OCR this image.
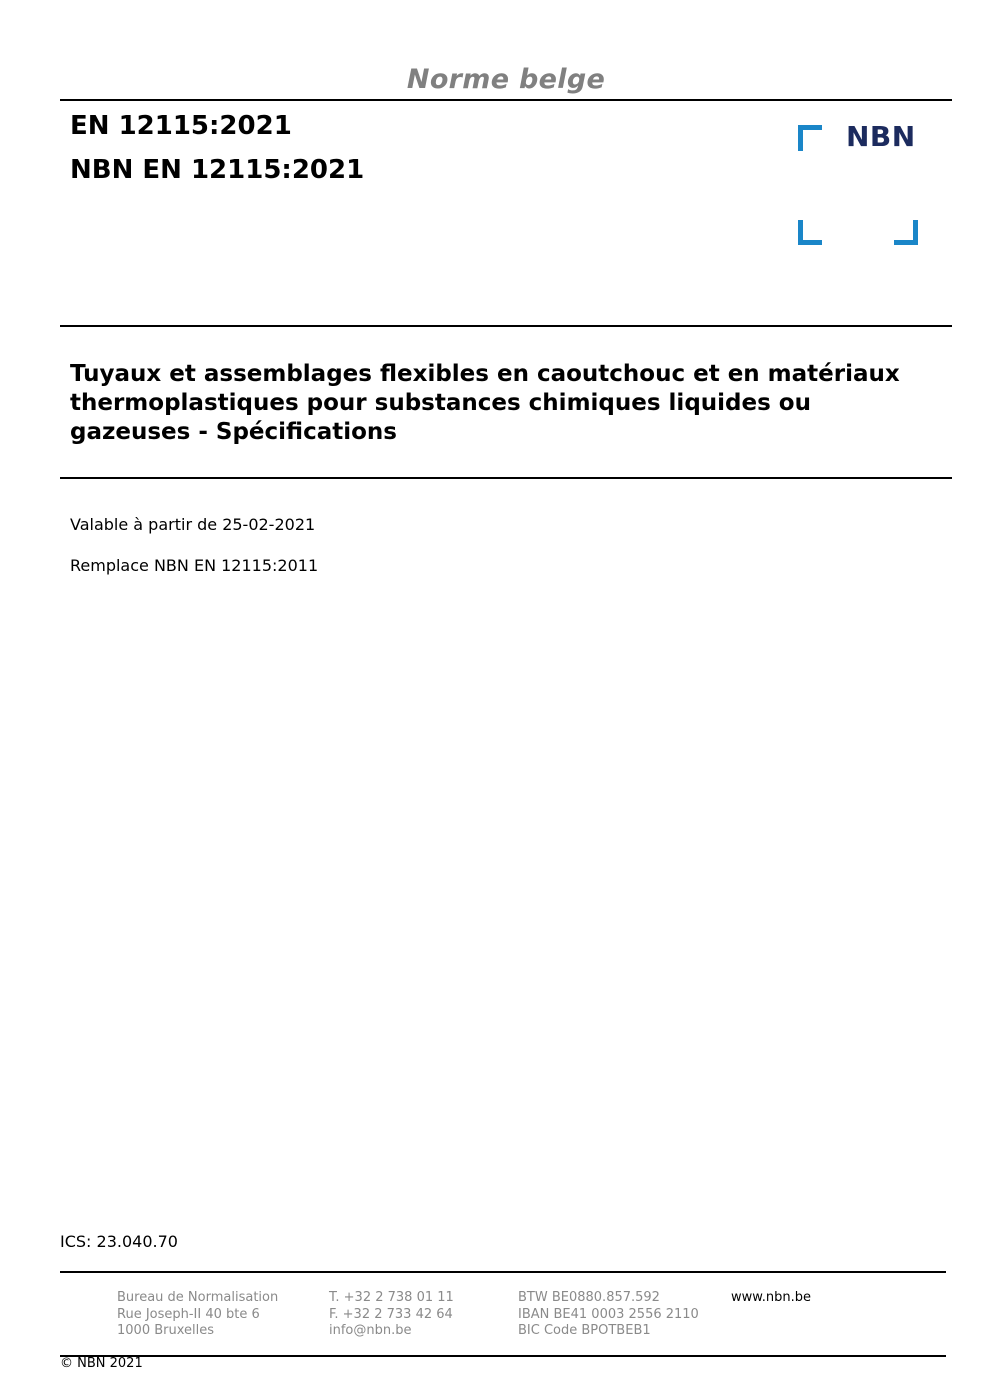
Norme belge
EN 12115:2021
NBN EN 12115:2021
NBN
Tuyaux et assemblages flexibles en caoutchouc et en matériaux
thermoplastiques pour substances chimiques liquides ou
gazeuses - Spécifications
Valable à partir de 25-02-2021
Remplace NBN EN 12115:2011
ICS: 23.040.70
Bureau de Normalisation
Rue Joseph-II 40 bte 6
1000 Bruxelles
T. +32 2 738 01 11
F. +32 2 733 42 64
info@nbn.be
BTW BE0880.857.592
IBAN BE41 0003 2556 2110
BIC Code BPOTBEB1
www.nbn.be
© NBN 2021
